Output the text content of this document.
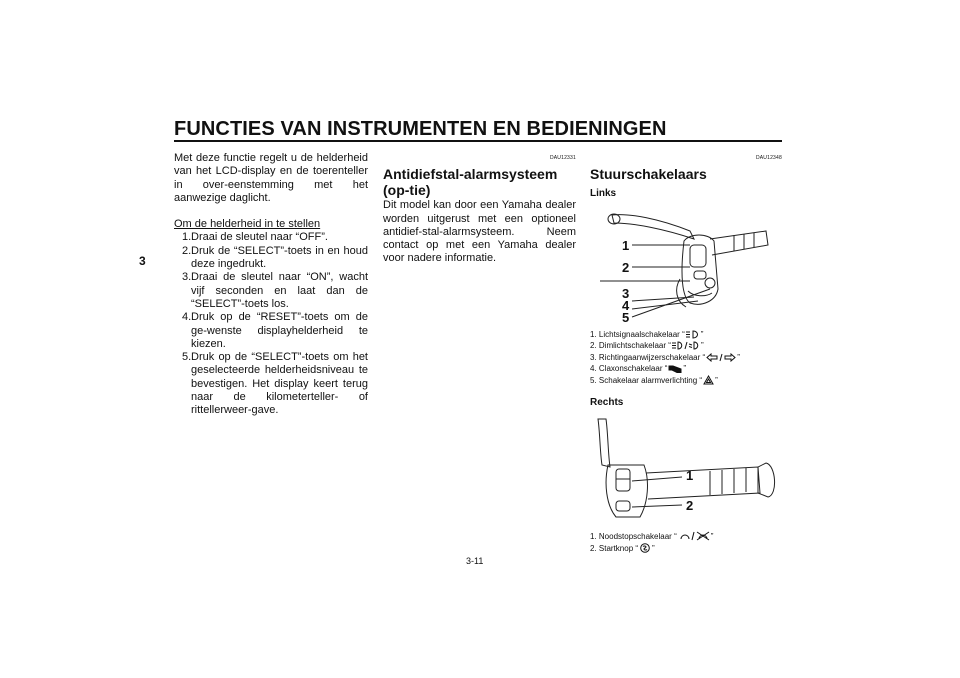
FUNCTIES VAN INSTRUMENTEN EN BEDIENINGEN
3
Met deze functie regelt u de helderheid van het LCD-display en de toerenteller in over-eenstemming met het aanwezige daglicht.
Om de helderheid in te stellen
1. Draai de sleutel naar “OFF”.
2. Druk de “SELECT”-toets in en houd deze ingedrukt.
3. Draai de sleutel naar “ON”, wacht vijf seconden en laat dan de “SELECT”-toets los.
4. Druk op de “RESET”-toets om de ge-wenste displayhelderheid te kiezen.
5. Druk op de “SELECT”-toets om het geselecteerde helderheidsniveau te bevestigen. Het display keert terug naar de kilometerteller- of rittellerweer-gave.
DAU12331
Antidiefstal-alarmsysteem (op-tie)
Dit model kan door een Yamaha dealer worden uitgerust met een optioneel antidief-stal-alarmsysteem. Neem contact op met een Yamaha dealer voor nadere informatie.
DAU12348
Stuurschakelaars
Links
1
2
3
4
5
1. Lichtsignaalschakelaar “ ”
2. Dimlichtschakelaar “	”
3. Richtingaanwijzerschakelaar “	”
4. Claxonschakelaar “ ”
5. Schakelaar alarmverlichting “ ”
Rechts
1
2
1. Noodstopschakelaar “	”
2. Startknop “ ”
3-11
